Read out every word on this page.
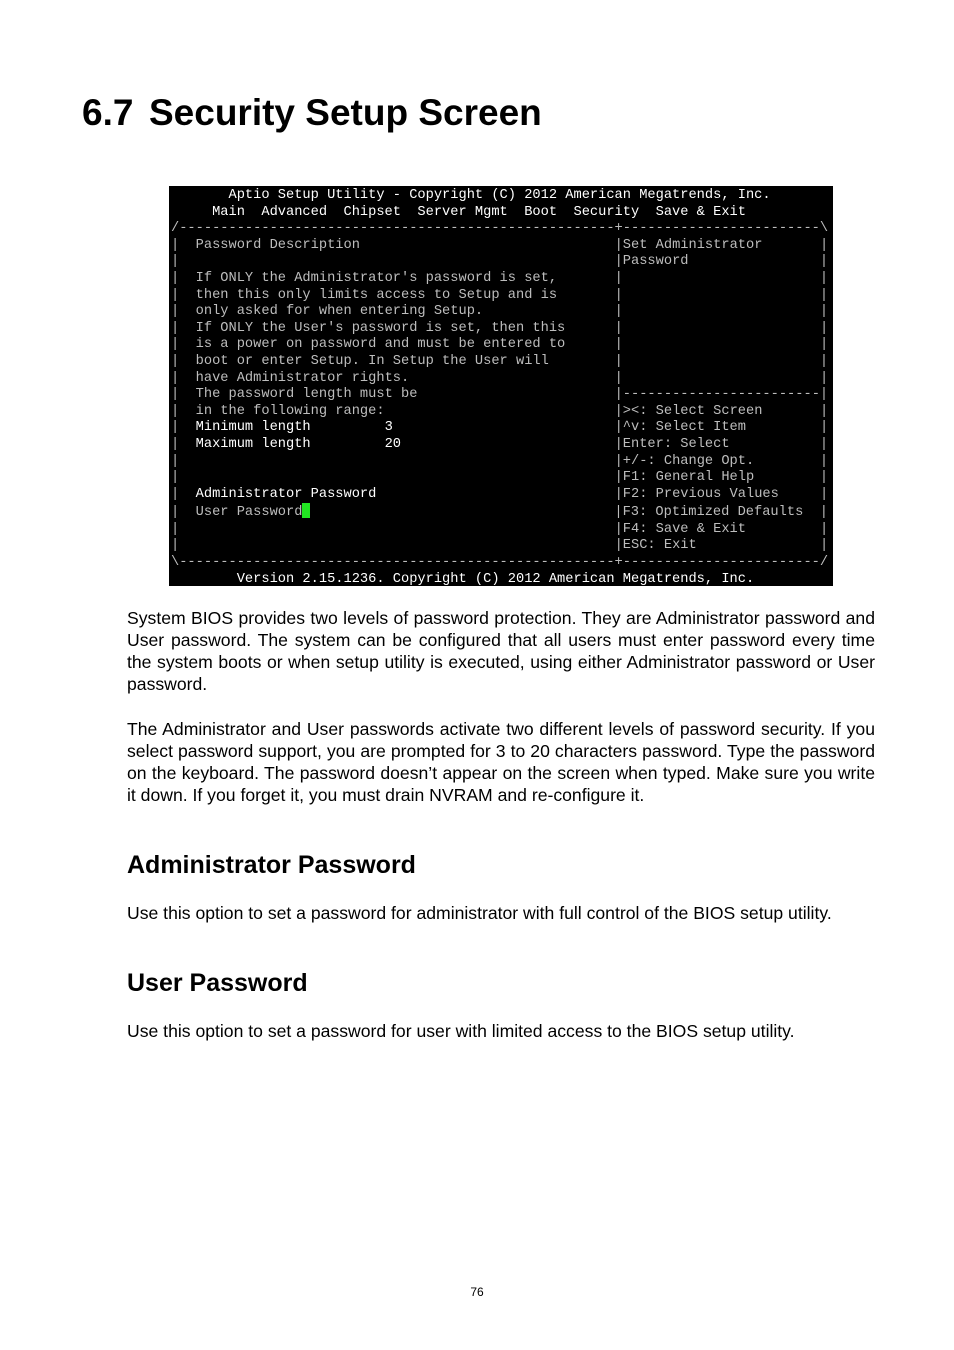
6.7 Security Setup Screen
Aptio Setup Utility - Copyright (C) 2012 American Megatrends, Inc.
Main  Advanced  Chipset  Server Mgmt  Boot  Security  Save & Exit
/-----------------------------------------------------+------------------------\
|  Password Description	|Set Administrator	|
|	|Password	|
|  If ONLY the Administrator's password is set,	|	|
|  then this only limits access to Setup and is	|	|
|  only asked for when entering Setup.	|	|
|  If ONLY the User's password is set, then this	|	|
|  is a power on password and must be entered to	|	|
|  boot or enter Setup. In Setup the User will	|	|
|  have Administrator rights.	|	|
|  The password length must be	|------------------------|
|  in the following range:	|><: Select Screen	|
|  Minimum length         3	|^v: Select Item	|
|  Maximum length         20	|Enter: Select	|
|	|+/-: Change Opt.	|
|	|F1: General Help	|
|  Administrator Password	|F2: Previous Values	|
|  User Password	|F3: Optimized Defaults |
|	|F4: Save & Exit	|
|	|ESC: Exit	|
\-----------------------------------------------------+------------------------/
Version 2.15.1236. Copyright (C) 2012 American Megatrends, Inc.

System BIOS provides two levels of password protection. They are Administrator password and User password. The system can be configured that all users must enter password every time the system boots or when setup utility is executed, using either Administrator password or User password.

The Administrator and User passwords activate two different levels of password security. If you select password support, you are prompted for 3 to 20 characters password. Type the password on the keyboard. The password doesn’t appear on the screen when typed. Make sure you write it down. If you forget it, you must drain NVRAM and re-configure it.

Administrator Password

Use this option to set a password for administrator with full control of the BIOS setup utility.

User Password

Use this option to set a password for user with limited access to the BIOS setup utility.

76
